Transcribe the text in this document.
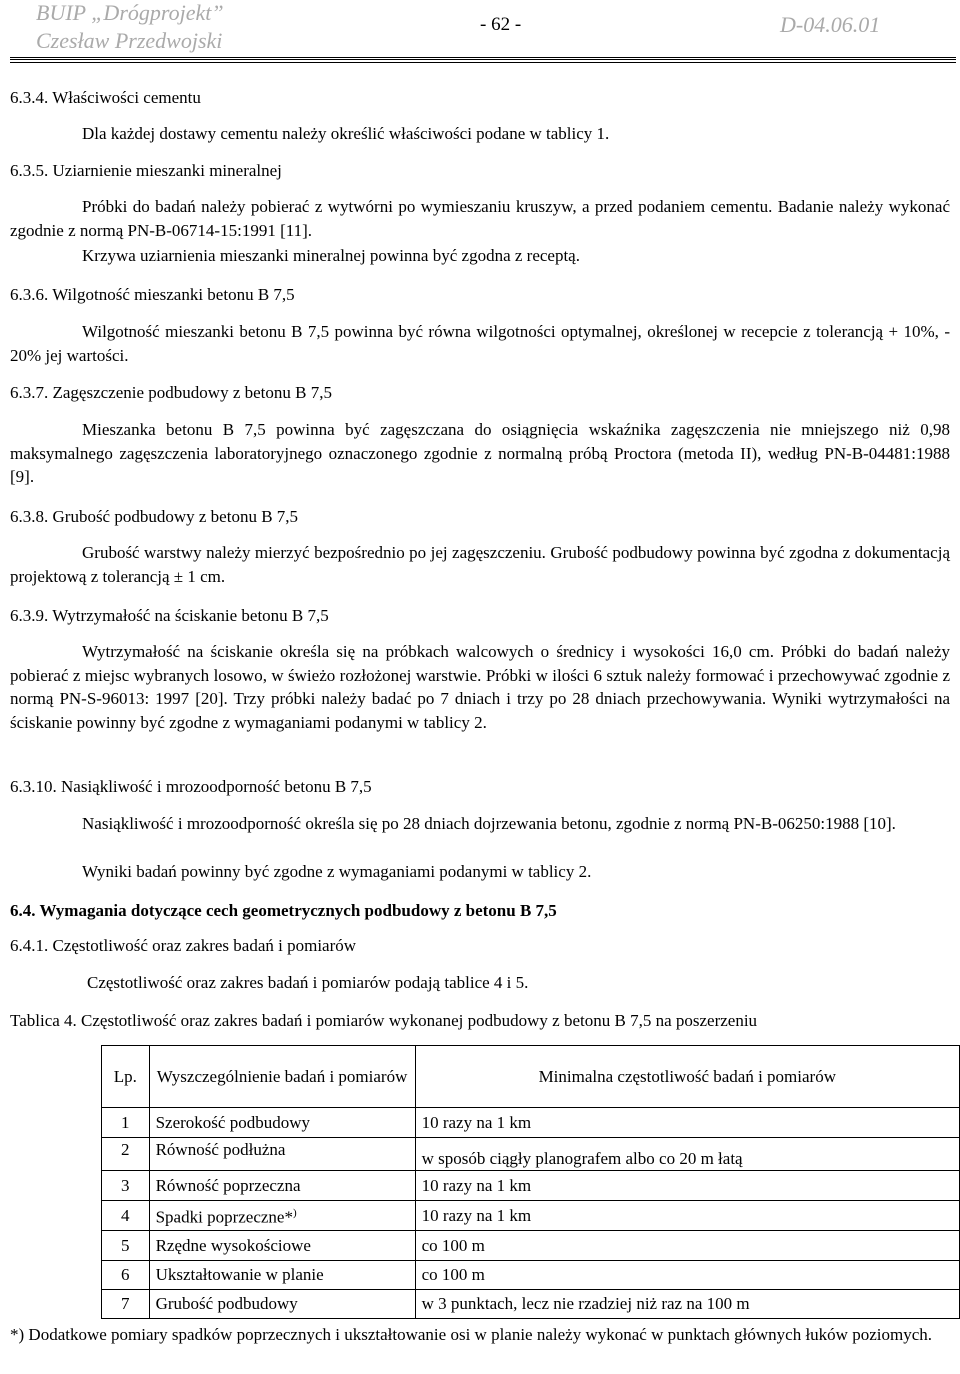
BUIP „Drógprojekt”
Czesław Przedwojski
- 62 -	D-04.06.01
6.3.4. Właściwości cementu
Dla każdej dostawy cementu należy określić właściwości podane w tablicy 1.
6.3.5. Uziarnienie mieszanki mineralnej
Próbki do badań należy pobierać z wytwórni po wymieszaniu kruszyw, a przed podaniem cementu. Badanie należy wykonać zgodnie z normą PN-B-06714-15:1991 [11].
Krzywa uziarnienia mieszanki mineralnej powinna być zgodna z receptą.
6.3.6. Wilgotność mieszanki betonu B 7,5
Wilgotność mieszanki betonu B 7,5 powinna być równa wilgotności optymalnej, określonej w recepcie z tolerancją + 10%, - 20% jej wartości.
6.3.7. Zagęszczenie podbudowy z betonu B 7,5
Mieszanka betonu B 7,5 powinna być zagęszczana do osiągnięcia wskaźnika zagęszczenia nie mniejszego niż 0,98 maksymalnego zagęszczenia laboratoryjnego oznaczonego zgodnie z normalną próbą Proctora (metoda II), według PN-B-04481:1988 [9].
6.3.8. Grubość podbudowy z betonu B 7,5
Grubość warstwy należy mierzyć bezpośrednio po jej zagęszczeniu. Grubość podbudowy powinna być zgodna z dokumentacją projektową z tolerancją ± 1 cm.
6.3.9. Wytrzymałość na ściskanie betonu B 7,5
Wytrzymałość na ściskanie określa się na próbkach walcowych o średnicy i wysokości 16,0 cm. Próbki do badań należy pobierać z miejsc wybranych losowo, w świeżo rozłożonej warstwie. Próbki w ilości 6 sztuk należy formować i przechowywać zgodnie z normą PN-S-96013: 1997 [20]. Trzy próbki należy badać po 7 dniach i trzy po 28 dniach przechowywania. Wyniki wytrzymałości na ściskanie powinny być zgodne z wymaganiami podanymi w tablicy 2.
6.3.10. Nasiąkliwość i mrozoodporność betonu B 7,5
Nasiąkliwość i mrozoodporność określa się po 28 dniach dojrzewania betonu, zgodnie z normą PN-B-06250:1988 [10].
Wyniki badań powinny być zgodne z wymaganiami podanymi w tablicy 2.
6.4. Wymagania dotyczące cech geometrycznych podbudowy z betonu B 7,5
6.4.1. Częstotliwość oraz zakres badań i pomiarów
Częstotliwość oraz zakres badań i pomiarów podają tablice 4 i 5.
Tablica 4. Częstotliwość oraz zakres badań i pomiarów wykonanej podbudowy z betonu B 7,5 na poszerzeniu
Lp.	Wyszczególnienie badań i pomiarów	Minimalna częstotliwość badań i pomiarów
1	Szerokość podbudowy	10 razy na 1 km
2	Równość podłużna	w sposób ciągły planografem albo co 20 m łatą
3	Równość poprzeczna	10 razy na 1 km
4	Spadki poprzeczne*)	10 razy na 1 km
5	Rzędne wysokościowe	co 100 m
6	Ukształtowanie w planie	co 100 m
7	Grubość podbudowy	w 3 punktach, lecz nie rzadziej niż raz na 100 m
*) Dodatkowe pomiary spadków poprzecznych i ukształtowanie osi w planie należy wykonać w punktach głównych łuków poziomych.
